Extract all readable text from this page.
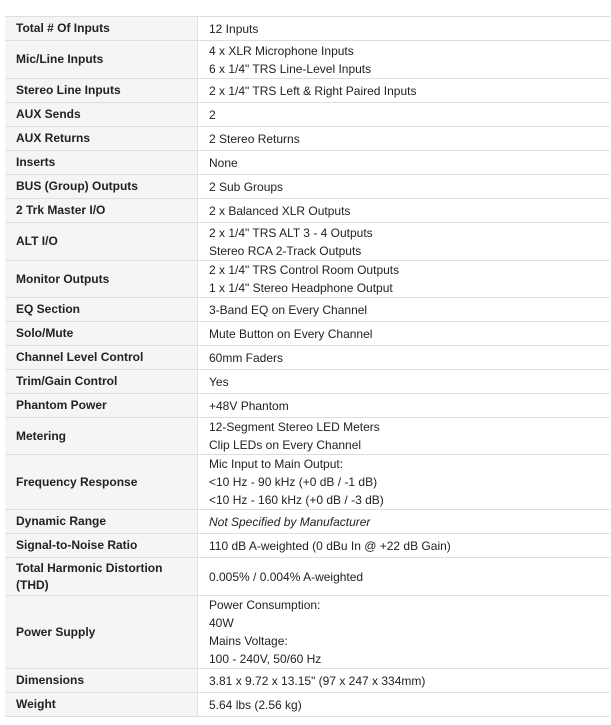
Total # Of Inputs	12 Inputs

Mic/Line Inputs	4 x XLR Microphone Inputs
6 x 1/4" TRS Line-Level Inputs

Stereo Line Inputs	2 x 1/4" TRS Left & Right Paired Inputs

AUX Sends	2

AUX Returns	2 Stereo Returns

Inserts	None

BUS (Group) Outputs	2 Sub Groups

2 Trk Master I/O	2 x Balanced XLR Outputs

ALT I/O	2 x 1/4" TRS ALT 3 - 4 Outputs
Stereo RCA 2-Track Outputs

Monitor Outputs	2 x 1/4" TRS Control Room Outputs
1 x 1/4" Stereo Headphone Output

EQ Section	3-Band EQ on Every Channel

Solo/Mute	Mute Button on Every Channel

Channel Level Control	60mm Faders

Trim/Gain Control	Yes

Phantom Power	+48V Phantom

Metering	12-Segment Stereo LED Meters
Clip LEDs on Every Channel

Frequency Response	Mic Input to Main Output:
<10 Hz - 90 kHz (+0 dB / -1 dB)
<10 Hz - 160 kHz (+0 dB / -3 dB)

Dynamic Range	Not Specified by Manufacturer

Signal-to-Noise Ratio	110 dB A-weighted (0 dBu In @ +22 dB Gain)

Total Harmonic Distortion (THD)	0.005% / 0.004% A-weighted

Power Supply	Power Consumption:
40W
Mains Voltage:
100 - 240V, 50/60 Hz

Dimensions	3.81 x 9.72 x 13.15" (97 x 247 x 334mm)

Weight	5.64 lbs (2.56 kg)
